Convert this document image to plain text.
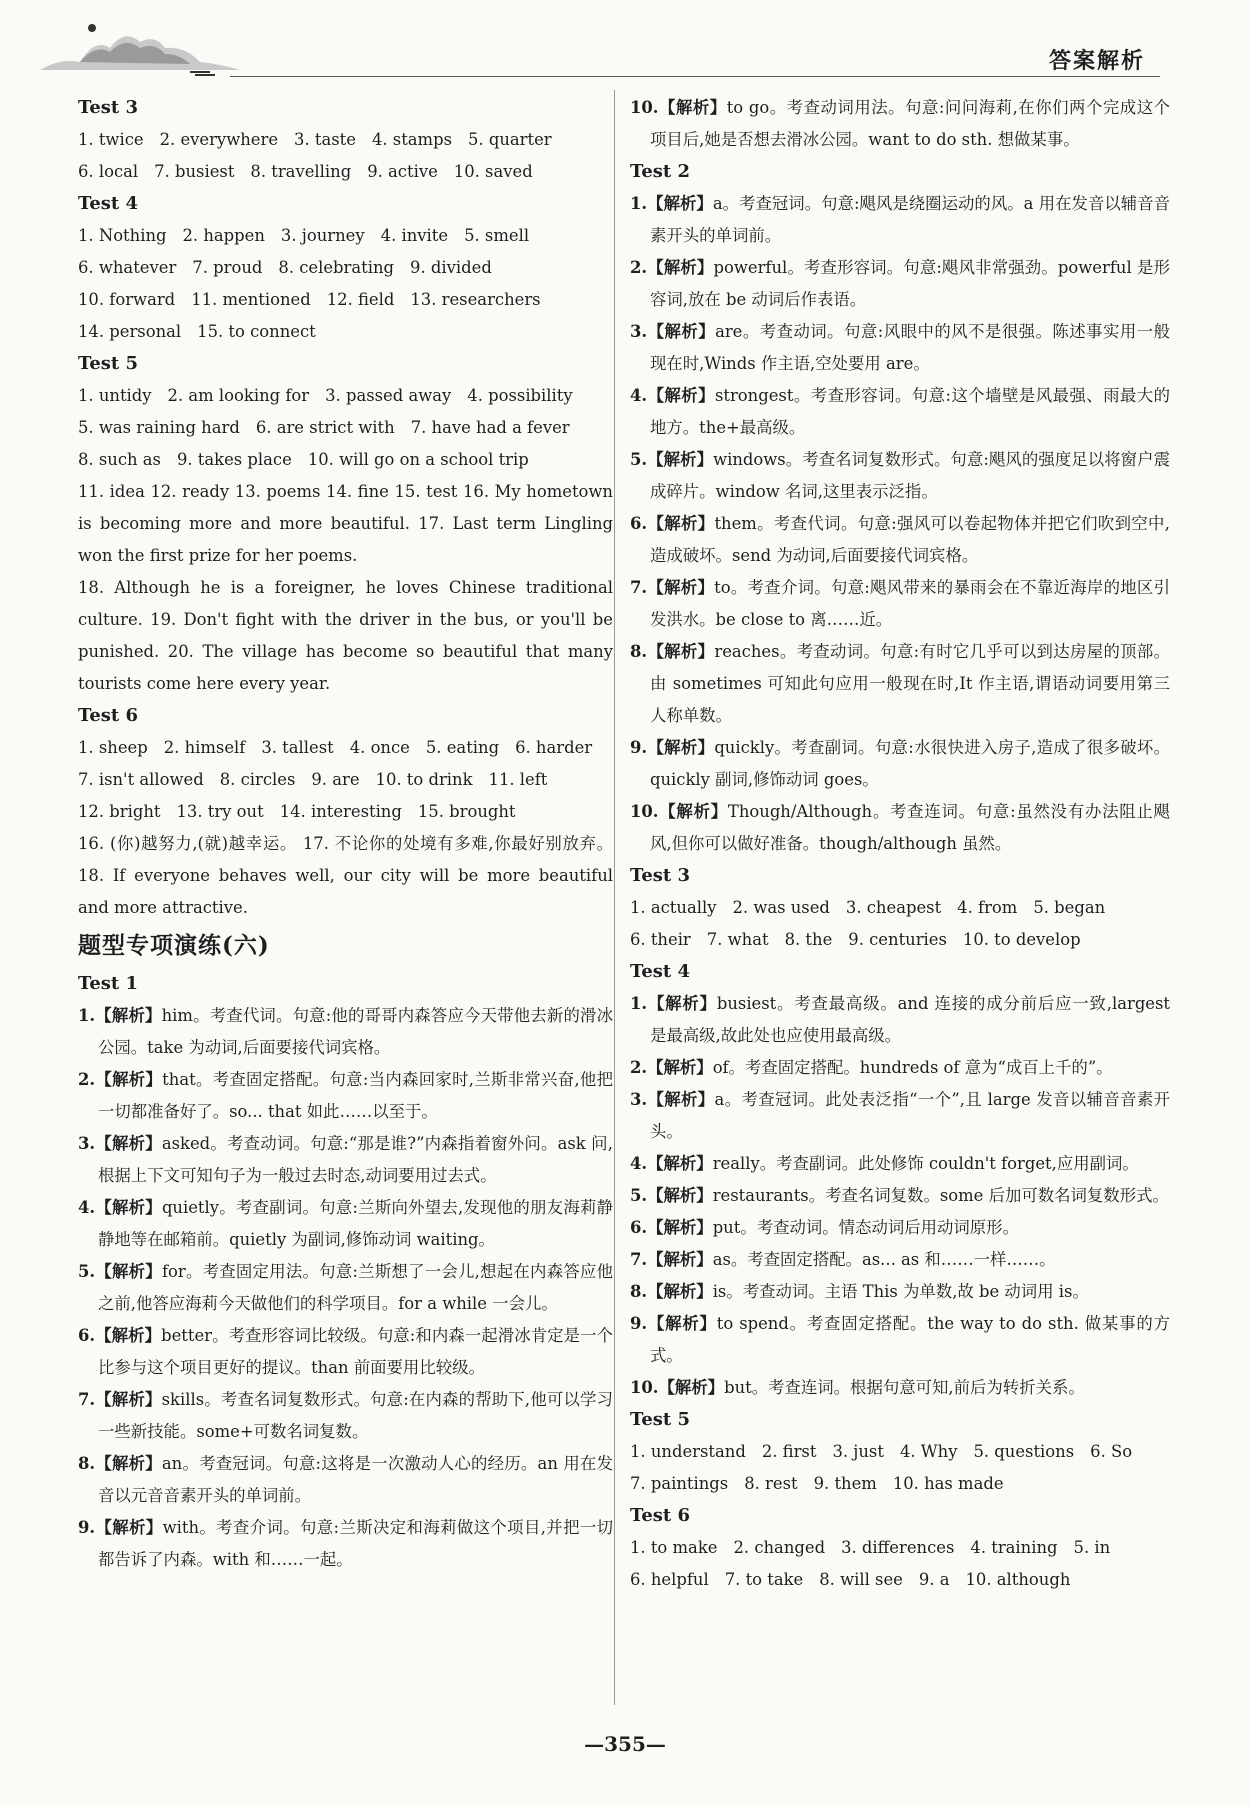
答案解析

Test 3

1. twice 2. everywhere 3. taste 4. stamps 5. quarter

6. local 7. busiest 8. travelling 9. active 10. saved

Test 4

1. Nothing 2. happen 3. journey 4. invite 5. smell

6. whatever 7. proud 8. celebrating 9. divided

10. forward 11. mentioned 12. field 13. researchers

14. personal 15. to connect

Test 5

1. untidy 2. am looking for 3. passed away 4. possibility

5. was raining hard 6. are strict with 7. have had a fever

8. such as 9. takes place 10. will go on a school trip

11. idea 12. ready 13. poems 14. fine 15. test 16. My hometown is becoming more and more beautiful. 17. Last term Lingling won the first prize for her poems.

18. Although he is a foreigner, he loves Chinese traditional culture. 19. Don't fight with the driver in the bus, or you'll be punished. 20. The village has become so beautiful that many tourists come here every year.

Test 6

1. sheep 2. himself 3. tallest 4. once 5. eating 6. harder

7. isn't allowed 8. circles 9. are 10. to drink 11. left

12. bright 13. try out 14. interesting 15. brought

16. (你)越努力,(就)越幸运。 17. 不论你的处境有多难,你最好别放弃。 18. If everyone behaves well, our city will be more beautiful and more attractive.

题型专项演练(六)

Test 1

1.【解析】him。考查代词。句意:他的哥哥内森答应今天带他去新的滑冰公园。take 为动词,后面要接代词宾格。

2.【解析】that。考查固定搭配。句意:当内森回家时,兰斯非常兴奋,他把一切都准备好了。so... that 如此……以至于。

3.【解析】asked。考查动词。句意:“那是谁?”内森指着窗外问。ask 问,根据上下文可知句子为一般过去时态,动词要用过去式。

4.【解析】quietly。考查副词。句意:兰斯向外望去,发现他的朋友海莉静静地等在邮箱前。quietly 为副词,修饰动词 waiting。

5.【解析】for。考查固定用法。句意:兰斯想了一会儿,想起在内森答应他之前,他答应海莉今天做他们的科学项目。for a while 一会儿。

6.【解析】better。考查形容词比较级。句意:和内森一起滑冰肯定是一个比参与这个项目更好的提议。than 前面要用比较级。

7.【解析】skills。考查名词复数形式。句意:在内森的帮助下,他可以学习一些新技能。some+可数名词复数。

8.【解析】an。考查冠词。句意:这将是一次激动人心的经历。an 用在发音以元音音素开头的单词前。

9.【解析】with。考查介词。句意:兰斯决定和海莉做这个项目,并把一切都告诉了内森。with 和……一起。

10.【解析】to go。考查动词用法。句意:问问海莉,在你们两个完成这个项目后,她是否想去滑冰公园。want to do sth. 想做某事。

Test 2

1.【解析】a。考查冠词。句意:飓风是绕圈运动的风。a 用在发音以辅音音素开头的单词前。

2.【解析】powerful。考查形容词。句意:飓风非常强劲。powerful 是形容词,放在 be 动词后作表语。

3.【解析】are。考查动词。句意:风眼中的风不是很强。陈述事实用一般现在时,Winds 作主语,空处要用 are。

4.【解析】strongest。考查形容词。句意:这个墙壁是风最强、雨最大的地方。the+最高级。

5.【解析】windows。考查名词复数形式。句意:飓风的强度足以将窗户震成碎片。window 名词,这里表示泛指。

6.【解析】them。考查代词。句意:强风可以卷起物体并把它们吹到空中,造成破坏。send 为动词,后面要接代词宾格。

7.【解析】to。考查介词。句意:飓风带来的暴雨会在不靠近海岸的地区引发洪水。be close to 离……近。

8.【解析】reaches。考查动词。句意:有时它几乎可以到达房屋的顶部。由 sometimes 可知此句应用一般现在时,It 作主语,谓语动词要用第三人称单数。

9.【解析】quickly。考查副词。句意:水很快进入房子,造成了很多破坏。quickly 副词,修饰动词 goes。

10.【解析】Though/Although。考查连词。句意:虽然没有办法阻止飓风,但你可以做好准备。though/although 虽然。

Test 3

1. actually 2. was used 3. cheapest 4. from 5. began

6. their 7. what 8. the 9. centuries 10. to develop

Test 4

1.【解析】busiest。考查最高级。and 连接的成分前后应一致,largest 是最高级,故此处也应使用最高级。

2.【解析】of。考查固定搭配。hundreds of 意为“成百上千的”。

3.【解析】a。考查冠词。此处表泛指“一个”,且 large 发音以辅音音素开头。

4.【解析】really。考查副词。此处修饰 couldn't forget,应用副词。

5.【解析】restaurants。考查名词复数。some 后加可数名词复数形式。

6.【解析】put。考查动词。情态动词后用动词原形。

7.【解析】as。考查固定搭配。as... as 和……一样……。

8.【解析】is。考查动词。主语 This 为单数,故 be 动词用 is。

9.【解析】to spend。考查固定搭配。the way to do sth. 做某事的方式。

10.【解析】but。考查连词。根据句意可知,前后为转折关系。

Test 5

1. understand 2. first 3. just 4. Why 5. questions 6. So

7. paintings 8. rest 9. them 10. has made

Test 6

1. to make 2. changed 3. differences 4. training 5. in

6. helpful 7. to take 8. will see 9. a 10. although

—355—
